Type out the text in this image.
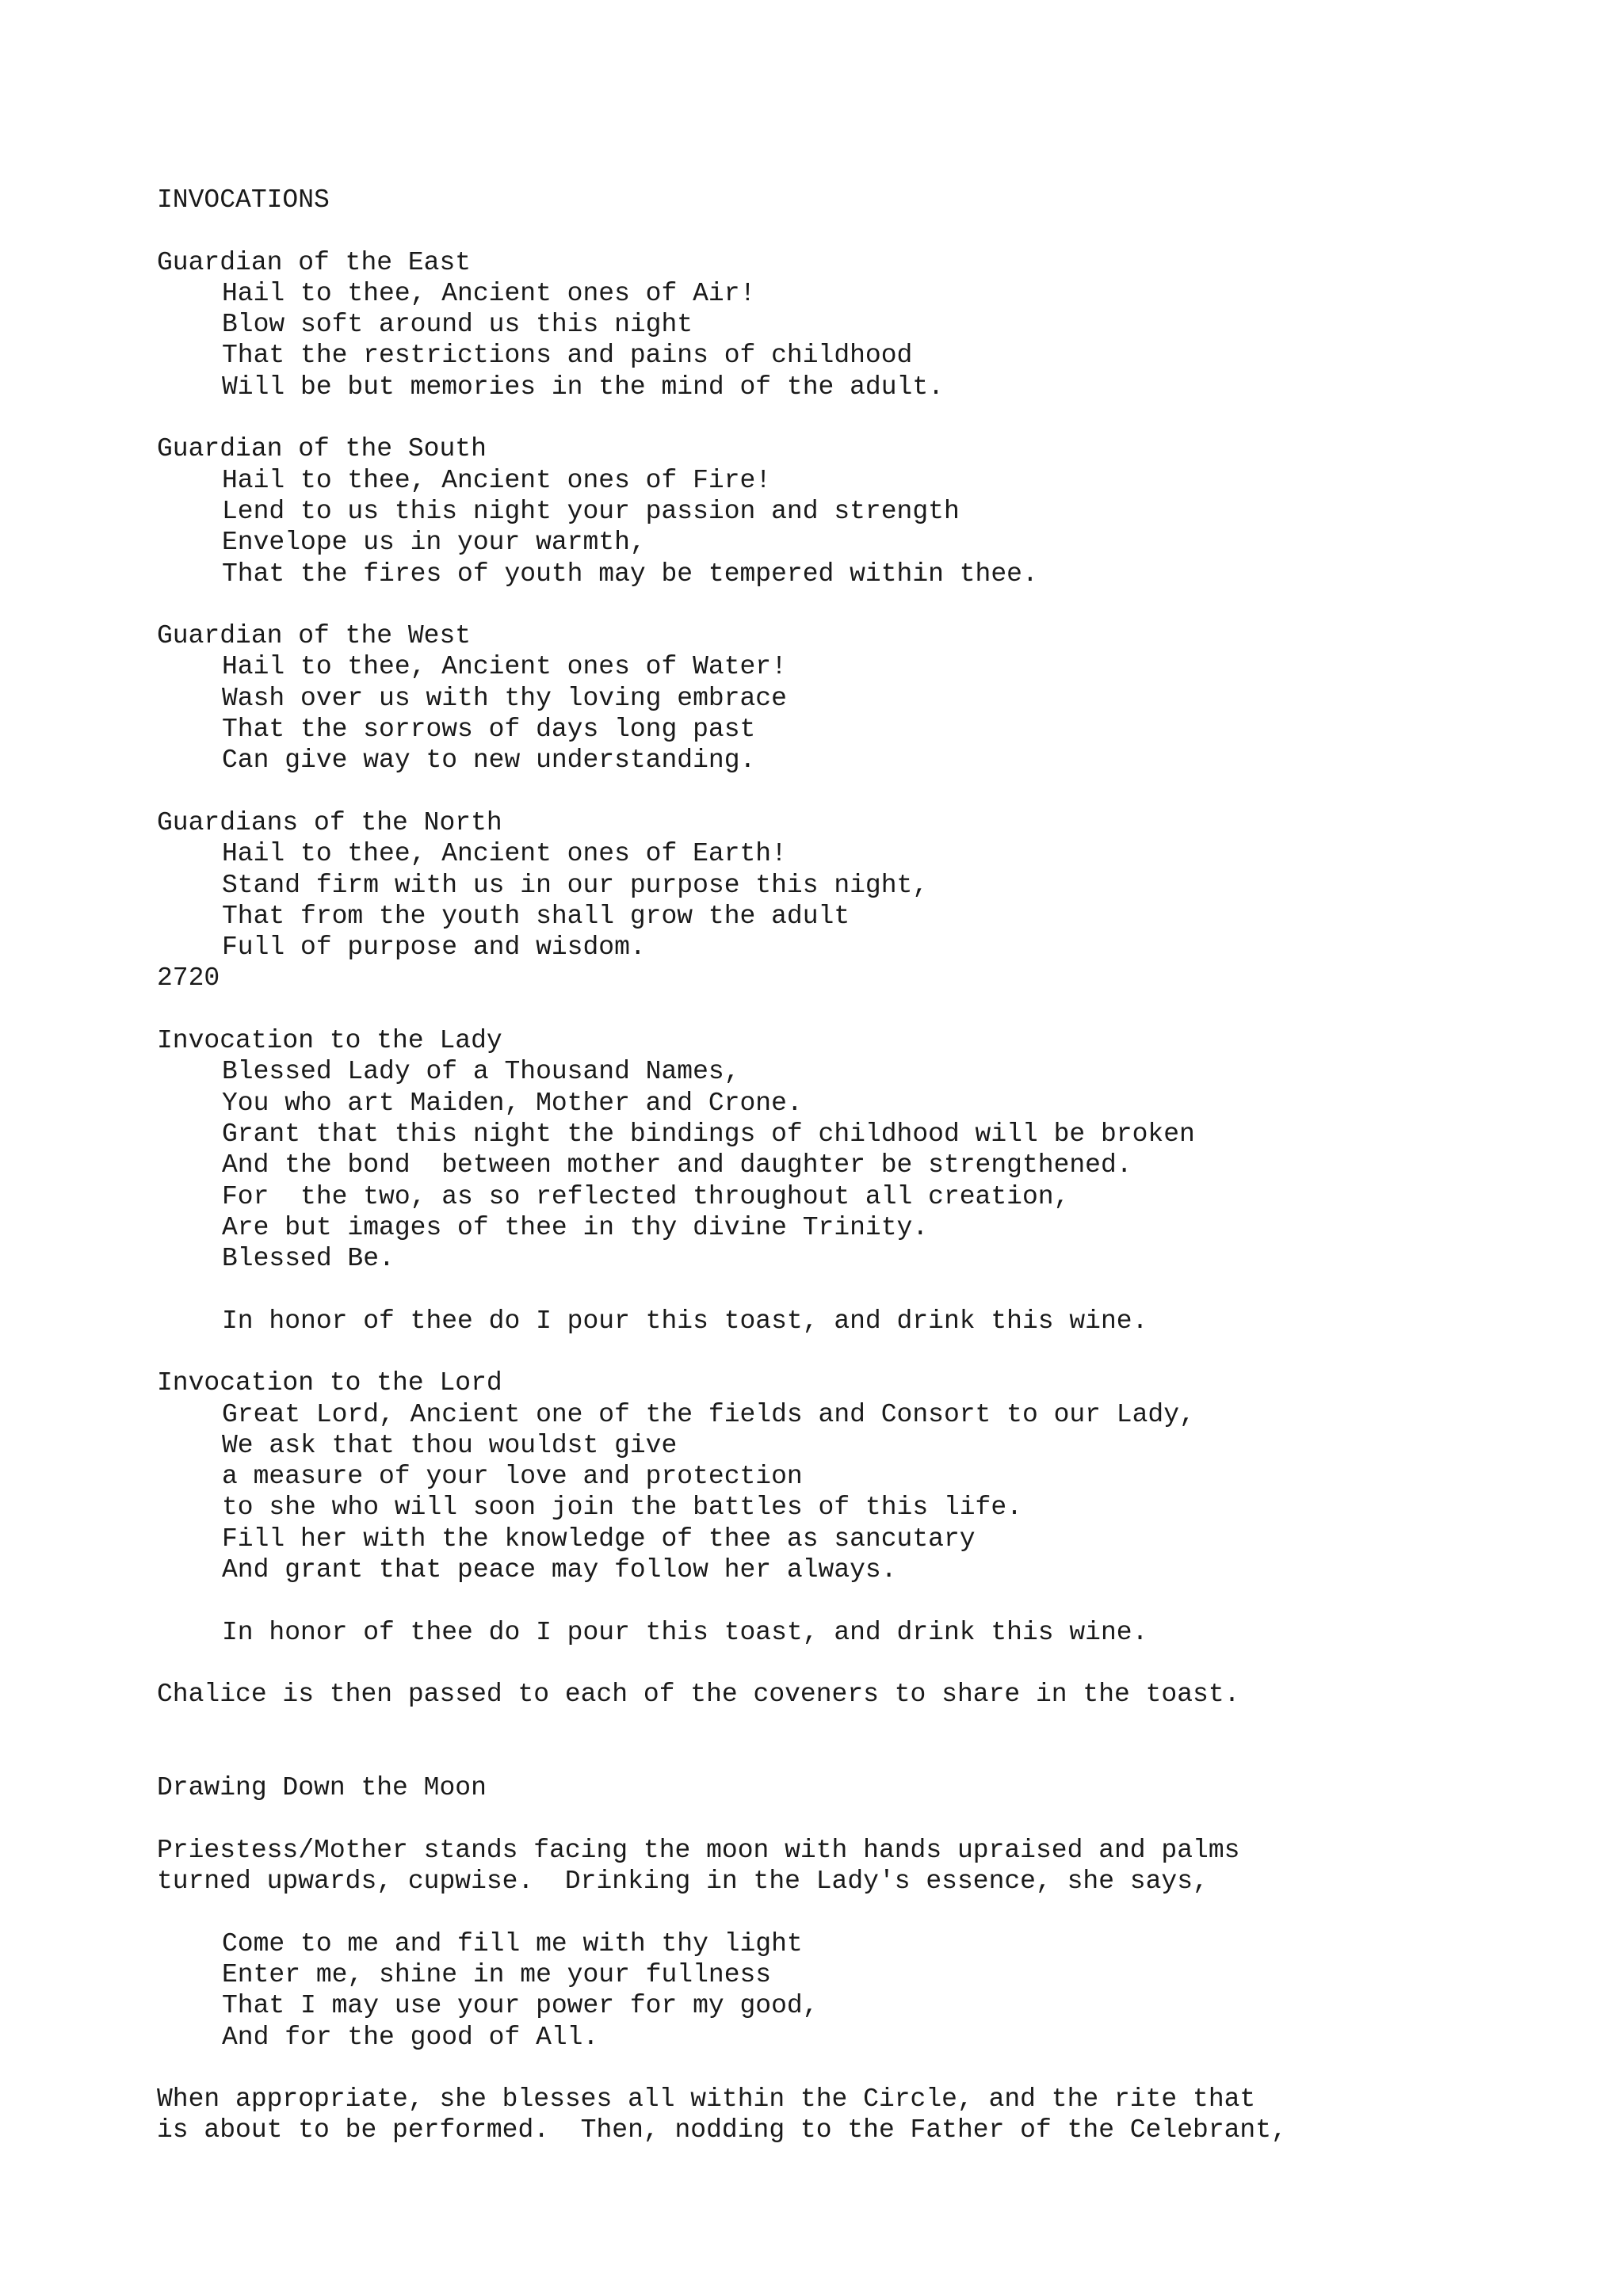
INVOCATIONS
Guardian of the East
Hail to thee, Ancient ones of Air!
Blow soft around us this night
That the restrictions and pains of childhood
Will be but memories in the mind of the adult.
Guardian of the South
Hail to thee, Ancient ones of Fire!
Lend to us this night your passion and strength
Envelope us in your warmth,
That the fires of youth may be tempered within thee.
Guardian of the West
Hail to thee, Ancient ones of Water!
Wash over us with thy loving embrace
That the sorrows of days long past
Can give way to new understanding.
Guardians of the North
Hail to thee, Ancient ones of Earth!
Stand firm with us in our purpose this night,
That from the youth shall grow the adult
Full of purpose and wisdom.
2720
Invocation to the Lady
Blessed Lady of a Thousand Names,
You who art Maiden, Mother and Crone.
Grant that this night the bindings of childhood will be broken
And the bond  between mother and daughter be strengthened.
For  the two, as so reflected throughout all creation,
Are but images of thee in thy divine Trinity.
Blessed Be.
In honor of thee do I pour this toast, and drink this wine.
Invocation to the Lord
Great Lord, Ancient one of the fields and Consort to our Lady,
We ask that thou wouldst give
a measure of your love and protection
to she who will soon join the battles of this life.
Fill her with the knowledge of thee as sancutary
And grant that peace may follow her always.
In honor of thee do I pour this toast, and drink this wine.
Chalice is then passed to each of the coveners to share in the toast.
Drawing Down the Moon
Priestess/Mother stands facing the moon with hands upraised and palms
turned upwards, cupwise.  Drinking in the Lady's essence, she says,
Come to me and fill me with thy light
Enter me, shine in me your fullness
That I may use your power for my good,
And for the good of All.
When appropriate, she blesses all within the Circle, and the rite that
is about to be performed.  Then, nodding to the Father of the Celebrant,
